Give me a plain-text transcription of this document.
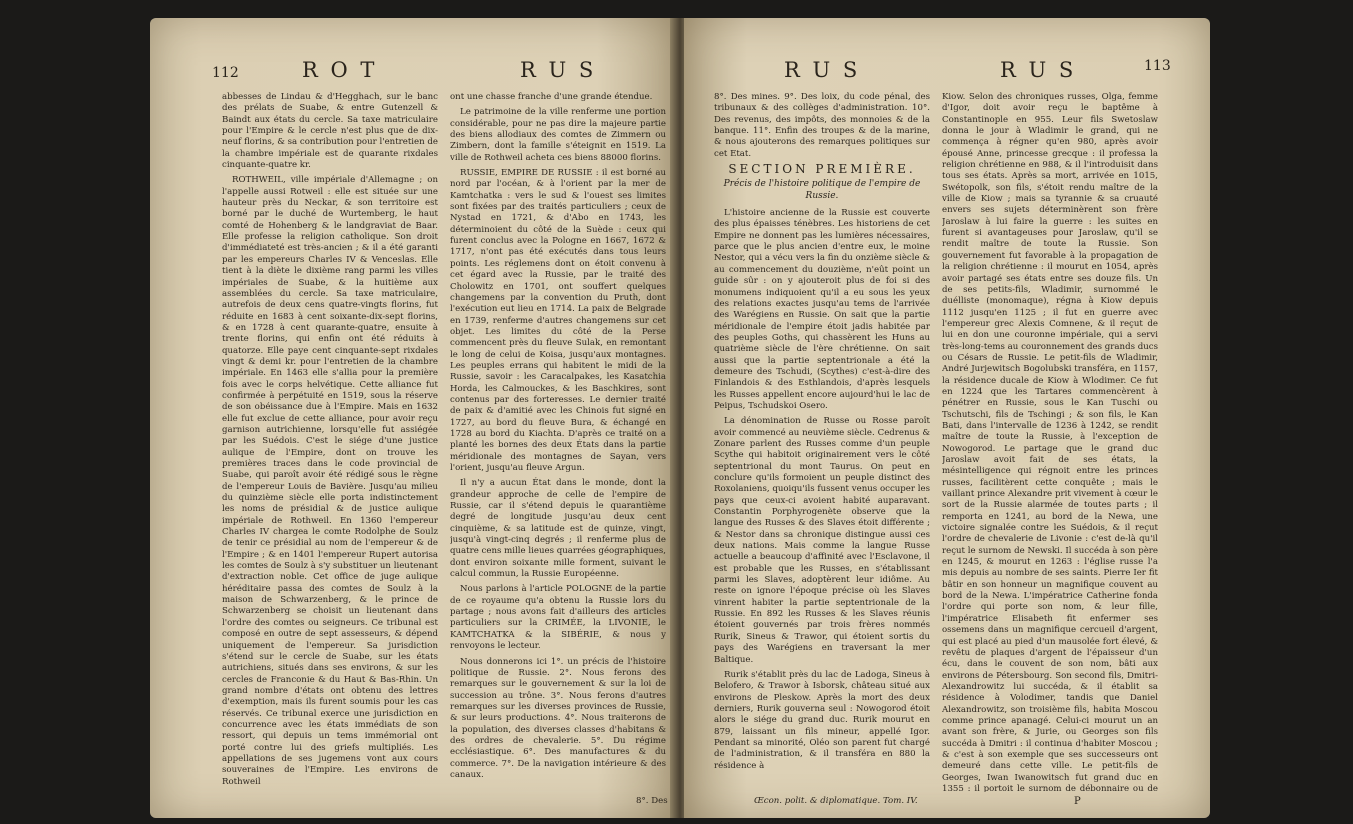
112	R O T	R U S

abbesses de Lindau & d'Hegghach, sur le banc des prélats de Suabe, & entre Gutenzell & Baindt aux états du cercle. Sa taxe matriculaire pour l'Empire & le cercle n'est plus que de dix-neuf florins, & sa contribution pour l'entretien de la chambre impériale est de quarante rixdales cinquante-quatre kr.

ROTHWEIL, ville impériale d'Allemagne ; on l'appelle aussi Rotweil : elle est située sur une hauteur près du Neckar, & son territoire est borné par le duché de Wurtemberg, le haut comté de Hohenberg & le landgraviat de Baar. Elle professe la religion catholique. Son droit d'immédiateté est très-ancien ; & il a été garanti par les empereurs Charles IV & Venceslas. Elle tient à la diète le dixième rang parmi les villes impériales de Suabe, & la huitième aux assemblées du cercle. Sa taxe matriculaire, autrefois de deux cens quatre-vingts florins, fut réduite en 1683 à cent soixante-dix-sept florins, & en 1728 à cent quarante-quatre, ensuite à trente florins, qui enfin ont été réduits à quatorze. Elle paye cent cinquante-sept rixdales vingt & demi kr. pour l'entretien de la chambre impériale. En 1463 elle s'allia pour la première fois avec le corps helvétique. Cette alliance fut confirmée à perpétuité en 1519, sous la réserve de son obéissance due à l'Empire. Mais en 1632 elle fut exclue de cette alliance, pour avoir reçu garnison autrichienne, lorsqu'elle fut assiégée par les Suédois. C'est le siége d'une justice aulique de l'Empire, dont on trouve les premières traces dans le code provincial de Suabe, qui paroît avoir été rédigé sous le règne de l'empereur Louis de Bavière. Jusqu'au milieu du quinzième siècle elle porta indistinctement les noms de présidial & de justice aulique impériale de Rothweil. En 1360 l'empereur Charles IV chargea le comte Rodolphe de Soulz de tenir ce présidial au nom de l'empereur & de l'Empire ; & en 1401 l'empereur Rupert autorisa les comtes de Soulz à s'y substituer un lieutenant d'extraction noble. Cet office de juge aulique héréditaire passa des comtes de Soulz à la maison de Schwarzenberg, & le prince de Schwarzenberg se choisit un lieutenant dans l'ordre des comtes ou seigneurs. Ce tribunal est composé en outre de sept assesseurs, & dépend uniquement de l'empereur. Sa jurisdiction s'étend sur le cercle de Suabe, sur les états autrichiens, situés dans ses environs, & sur les cercles de Franconie & du Haut & Bas-Rhin. Un grand nombre d'états ont obtenu des lettres d'exemption, mais ils furent soumis pour les cas réservés. Ce tribunal exerce une jurisdiction en concurrence avec les états immédiats de son ressort, qui depuis un tems immémorial ont porté contre lui des griefs multipliés. Les appellations de ses jugemens vont aux cours souveraines de l'Empire. Les environs de Rothweil

ont une chasse franche d'une grande étendue.

Le patrimoine de la ville renferme une portion considérable, pour ne pas dire la majeure partie des biens allodiaux des comtes de Zimmern ou Zimbern, dont la famille s'éteignit en 1519. La ville de Rothweil acheta ces biens 88000 florins.

RUSSIE, EMPIRE DE RUSSIE : il est borné au nord par l'océan, & à l'orient par la mer de Kamtchatka : vers le sud & l'ouest ses limites sont fixées par des traités particuliers ; ceux de Nystad en 1721, & d'Abo en 1743, les déterminoient du côté de la Suède : ceux qui furent conclus avec la Pologne en 1667, 1672 & 1717, n'ont pas été exécutés dans tous leurs points. Les réglemens dont on étoit convenu à cet égard avec la Russie, par le traité des Cholowitz en 1701, ont souffert quelques changemens par la convention du Pruth, dont l'exécution eut lieu en 1714. La paix de Belgrade en 1739, renferme d'autres changemens sur cet objet. Les limites du côté de la Perse commencent près du fleuve Sulak, en remontant le long de celui de Koisa, jusqu'aux montagnes. Les peuples errans qui habitent le midi de la Russie, savoir : les Caracalpakes, les Kasatchia Horda, les Calmouckes, & les Baschkires, sont contenus par des forteresses. Le dernier traité de paix & d'amitié avec les Chinois fut signé en 1727, au bord du fleuve Bura, & échangé en 1728 au bord du Kiachta. D'après ce traité on a planté les bornes des deux États dans la partie méridionale des montagnes de Sayan, vers l'orient, jusqu'au fleuve Argun.

Il n'y a aucun État dans le monde, dont la grandeur approche de celle de l'empire de Russie, car il s'étend depuis le quarantième degré de longitude jusqu'au deux cent cinquième, & sa latitude est de quinze, vingt, jusqu'à vingt-cinq degrés ; il renferme plus de quatre cens mille lieues quarrées géographiques, dont environ soixante mille forment, suivant le calcul commun, la Russie Européenne.

Nous parlons à l'article POLOGNE de la partie de ce royaume qu'a obtenu la Russie lors du partage ; nous avons fait d'ailleurs des articles particuliers sur la CRIMÉE, la LIVONIE, le KAMTCHATKA & la SIBÉRIE, & nous y renvoyons le lecteur.

Nous donnerons ici 1°. un précis de l'histoire politique de Russie. 2°. Nous ferons des remarques sur le gouvernement & sur la loi de succession au trône. 3°. Nous ferons d'autres remarques sur les diverses provinces de Russie, & sur leurs productions. 4°. Nous traiterons de la population, des diverses classes d'habitans & des ordres de chevalerie. 5°. Du régime ecclésiastique. 6°. Des manufactures & du commerce. 7°. De la navigation intérieure & des canaux.

8°. Des
R U S	R U S	113

8°. Des mines. 9°. Des loix, du code pénal, des tribunaux & des collèges d'administration. 10°. Des revenus, des impôts, des monnoies & de la banque. 11°. Enfin des troupes & de la marine, & nous ajouterons des remarques politiques sur cet Etat.

SECTION PREMIÈRE.
Précis de l'histoire politique de l'empire de Russie.

L'histoire ancienne de la Russie est couverte des plus épaisses ténèbres. Les historiens de cet Empire ne donnent pas les lumières nécessaires, parce que le plus ancien d'entre eux, le moine Nestor, qui a vécu vers la fin du onzième siècle & au commencement du douzième, n'eût point un guide sûr : on y ajouteroit plus de foi si des monumens indiquoient qu'il a eu sous les yeux des relations exactes jusqu'au tems de l'arrivée des Warégiens en Russie. On sait que la partie méridionale de l'empire étoit jadis habitée par des peuples Goths, qui chassèrent les Huns au quatrième siècle de l'ère chrétienne. On sait aussi que la partie septentrionale a été la demeure des Tschudi, (Scythes) c'est-à-dire des Finlandois & des Esthlandois, d'après lesquels les Russes appellent encore aujourd'hui le lac de Peipus, Tschudskoi Osero.

La dénomination de Russe ou Rosse paroît avoir commencé au neuvième siècle. Cedrenus & Zonare parlent des Russes comme d'un peuple Scythe qui habitoit originairement vers le côté septentrional du mont Taurus. On peut en conclure qu'ils formoient un peuple distinct des Roxolaniens, quoiqu'ils fussent venus occuper les pays que ceux-ci avoient habité auparavant. Constantin Porphyrogenète observe que la langue des Russes & des Slaves étoit différente ; & Nestor dans sa chronique distingue aussi ces deux nations. Mais comme la langue Russe actuelle a beaucoup d'affinité avec l'Esclavone, il est probable que les Russes, en s'établissant parmi les Slaves, adoptèrent leur idiôme. Au reste on ignore l'époque précise où les Slaves vinrent habiter la partie septentrionale de la Russie. En 892 les Russes & les Slaves réunis étoient gouvernés par trois frères nommés Rurik, Sineus & Trawor, qui étoient sortis du pays des Warégiens en traversant la mer Baltique.

Rurik s'établit près du lac de Ladoga, Sineus à Belofero, & Trawor à Isborsk, château situé aux environs de Pleskow. Après la mort des deux derniers, Rurik gouverna seul : Nowogorod étoit alors le siége du grand duc. Rurik mourut en 879, laissant un fils mineur, appellé Igor. Pendant sa minorité, Oléo son parent fut chargé de l'administration, & il transféra en 880 la résidence à

Kiow. Selon des chroniques russes, Olga, femme d'Igor, doit avoir reçu le baptême à Constantinople en 955. Leur fils Swetoslaw donna le jour à Wladimir le grand, qui ne commença à régner qu'en 980, après avoir épousé Anne, princesse grecque : il professa la religion chrétienne en 988, & il l'introduisit dans tous ses états. Après sa mort, arrivée en 1015, Swétopolk, son fils, s'étoit rendu maître de la ville de Kiow ; mais sa tyrannie & sa cruauté envers ses sujets déterminèrent son frère Jaroslaw à lui faire la guerre : les suites en furent si avantageuses pour Jaroslaw, qu'il se rendit maître de toute la Russie. Son gouvernement fut favorable à la propagation de la religion chrétienne : il mourut en 1054, après avoir partagé ses états entre ses douze fils. Un de ses petits-fils, Wladimir, surnommé le duélliste (monomaque), régna à Kiow depuis 1112 jusqu'en 1125 ; il fut en guerre avec l'empereur grec Alexis Comnene, & il reçut de lui en don une couronne impériale, qui a servi très-long-tems au couronnement des grands ducs ou Césars de Russie. Le petit-fils de Wladimir, André Jurjewitsch Bogolubski transféra, en 1157, la résidence ducale de Kiow à Wlodimer. Ce fut en 1224 que les Tartares commencèrent à pénétrer en Russie, sous le Kan Tuschi ou Tschutschi, fils de Tschingi ; & son fils, le Kan Bati, dans l'intervalle de 1236 à 1242, se rendit maître de toute la Russie, à l'exception de Nowogorod. Le partage que le grand duc Jaroslaw avoit fait de ses états, la mésintelligence qui régnoit entre les princes russes, facilitèrent cette conquête ; mais le vaillant prince Alexandre prit vivement à cœur le sort de la Russie alarmée de toutes parts ; il remporta en 1241, au bord de la Newa, une victoire signalée contre les Suédois, & il reçut l'ordre de chevalerie de Livonie : c'est de-là qu'il reçut le surnom de Newski. Il succéda à son père en 1245, & mourut en 1263 : l'église russe l'a mis depuis au nombre de ses saints. Pierre Ier fit bâtir en son honneur un magnifique couvent au bord de la Newa. L'impératrice Catherine fonda l'ordre qui porte son nom, & leur fille, l'impératrice Elisabeth fit enfermer ses ossemens dans un magnifique cercueil d'argent, qui est placé au pied d'un mausolée fort élevé, & revêtu de plaques d'argent de l'épaisseur d'un écu, dans le couvent de son nom, bâti aux environs de Pétersbourg. Son second fils, Dmitri-Alexandrowitz lui succéda, & il établit sa résidence à Volodimer, tandis que Daniel Alexandrowitz, son troisième fils, habita Moscou comme prince apanagé. Celui-ci mourut un an avant son frère, & Jurie, ou Georges son fils succéda à Dmitri : il continua d'habiter Moscou ; & c'est à son exemple que ses successeurs ont demeuré dans cette ville. Le petit-fils de Georges, Iwan Iwanowitsch fut grand duc en 1355 : il portoit le surnom de débonnaire ou de

Œcon. polit. & diplomatique. Tom. IV.	P
